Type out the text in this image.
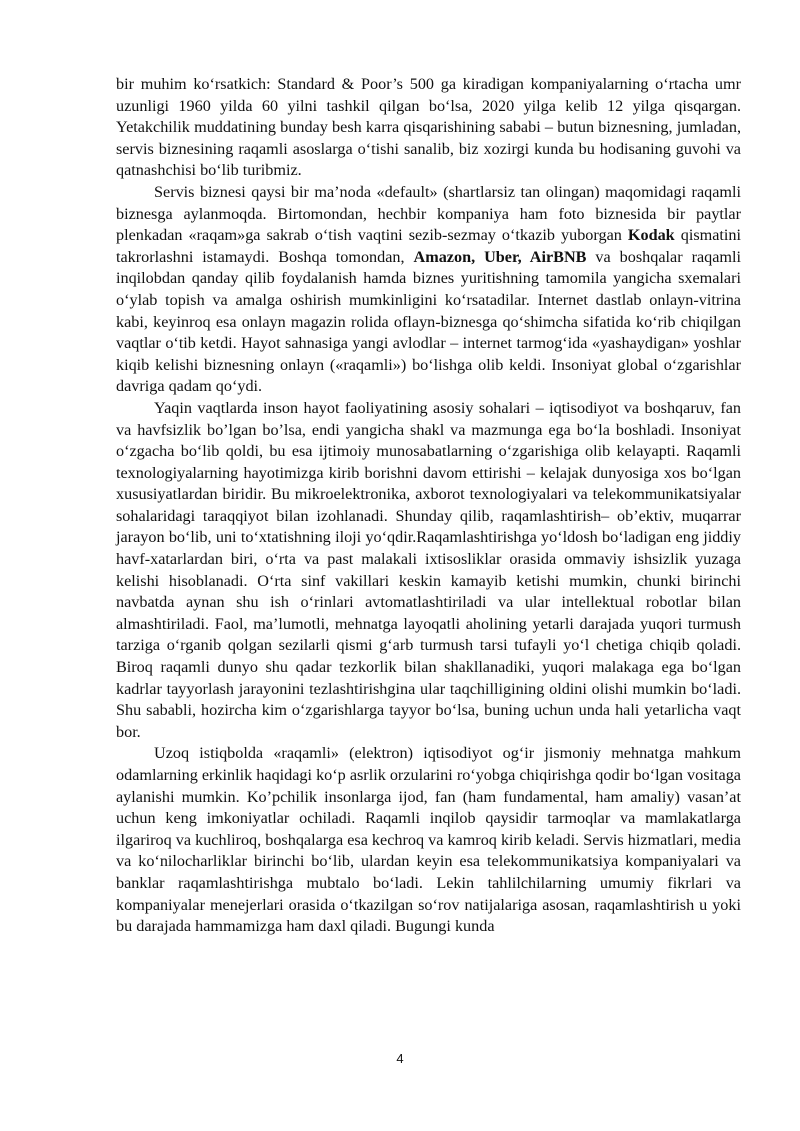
bir muhim ko‘rsatkich: Standard & Poor’s 500 ga kiradigan kompaniyalarning o‘rtacha umr uzunligi 1960 yilda 60 yilni tashkil qilgan bo‘lsa, 2020 yilga kelib 12 yilga qisqargan. Yetakchilik muddatining bunday besh karra qisqarishining sababi – butun biznesning, jumladan, servis biznesining raqamli asoslarga o‘tishi sanalib, biz xozirgi kunda bu hodisaning guvohi va qatnashchisi bo‘lib turibmiz.

Servis biznesi qaysi bir ma’noda «default» (shartlarsiz tan olingan) maqomidagi raqamli biznesga aylanmoqda. Birtomondan, hechbir kompaniya ham foto biznesida bir paytlar plenkadan «raqam»ga sakrab o‘tish vaqtini sezib-sezmay o‘tkazib yuborgan Kodak qismatini takrorlashni istamaydi. Boshqa tomondan, Amazon, Uber, AirBNB va boshqalar raqamli inqilobdan qanday qilib foydalanish hamda biznes yuritishning tamomila yangicha sxemalari o‘ylab topish va amalga oshirish mumkinligini ko‘rsatadilar. Internet dastlab onlayn-vitrina kabi, keyinroq esa onlayn magazin rolida oflayn-biznesga qo‘shimcha sifatida ko‘rib chiqilgan vaqtlar o‘tib ketdi. Hayot sahnasiga yangi avlodlar – internet tarmog‘ida «yashaydigan» yoshlar kiqib kelishi biznesning onlayn («raqamli») bo‘lishga olib keldi. Insoniyat global o‘zgarishlar davriga qadam qo‘ydi.

Yaqin vaqtlarda inson hayot faoliyatining asosiy sohalari – iqtisodiyot va boshqaruv, fan va havfsizlik bo’lgan bo’lsa, endi yangicha shakl va mazmunga ega bo‘la boshladi. Insoniyat o‘zgacha bo‘lib qoldi, bu esa ijtimoiy munosabatlarning o‘zgarishiga olib kelayapti. Raqamli texnologiyalarning hayotimizga kirib borishni davom ettirishi – kelajak dunyosiga xos bo‘lgan xususiyatlardan biridir. Bu mikroelektronika, axborot texnologiyalari va telekommunikatsiyalar sohalaridagi taraqqiyot bilan izohlanadi. Shunday qilib, raqamlashtirish– ob’ektiv, muqarrar jarayon bo‘lib, uni to‘xtatishning iloji yo‘qdir.Raqamlashtirishga yo‘ldosh bo‘ladigan eng jiddiy havf-xatarlardan biri, o‘rta va past malakali ixtisosliklar orasida ommaviy ishsizlik yuzaga kelishi hisoblanadi. O‘rta sinf vakillari keskin kamayib ketishi mumkin, chunki birinchi navbatda aynan shu ish o‘rinlari avtomatlashtiriladi va ular intellektual robotlar bilan almashtiriladi. Faol, ma’lumotli, mehnatga layoqatli aholining yetarli darajada yuqori turmush tarziga o‘rganib qolgan sezilarli qismi g‘arb turmush tarsi tufayli yo‘l chetiga chiqib qoladi. Biroq raqamli dunyo shu qadar tezkorlik bilan shakllanadiki, yuqori malakaga ega bo‘lgan kadrlar tayyorlash jarayonini tezlashtirishgina ular taqchilligining oldini olishi mumkin bo‘ladi. Shu sababli, hozircha kim o‘zgarishlarga tayyor bo‘lsa, buning uchun unda hali yetarlicha vaqt bor.

Uzoq istiqbolda «raqamli» (elektron) iqtisodiyot og‘ir jismoniy mehnatga mahkum odamlarning erkinlik haqidagi ko‘p asrlik orzularini ro‘yobga chiqirishga qodir bo‘lgan vositaga aylanishi mumkin. Ko’pchilik insonlarga ijod, fan (ham fundamental, ham amaliy) vasan’at uchun keng imkoniyatlar ochiladi. Raqamli inqilob qaysidir tarmoqlar va mamlakatlarga ilgariroq va kuchliroq, boshqalarga esa kechroq va kamroq kirib keladi. Servis hizmatlari, media va ko‘nilocharliklar birinchi bo‘lib, ulardan keyin esa telekommunikatsiya kompaniyalari va banklar raqamlashtirishga mubtalo bo‘ladi. Lekin tahlilchilarning umumiy fikrlari va kompaniyalar menejerlari orasida o‘tkazilgan so‘rov natijalariga asosan, raqamlashtirish u yoki bu darajada hammamizga ham daxl qiladi. Bugungi kunda

4
